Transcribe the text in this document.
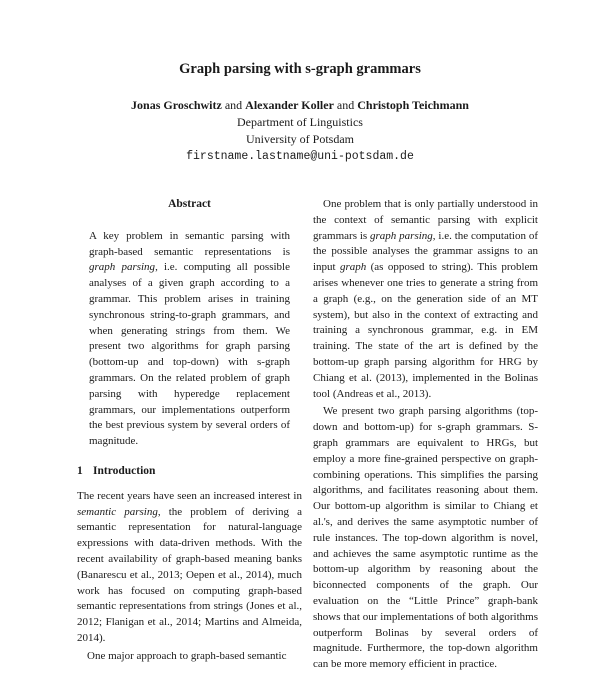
Graph parsing with s-graph grammars
Jonas Groschwitz and Alexander Koller and Christoph Teichmann
Department of Linguistics
University of Potsdam
firstname.lastname@uni-potsdam.de
Abstract

A key problem in semantic parsing with graph-based semantic representations is graph parsing, i.e. computing all possible analyses of a given graph according to a grammar. This problem arises in training synchronous string-to-graph grammars, and when generating strings from them. We present two algorithms for graph parsing (bottom-up and top-down) with s-graph grammars. On the related problem of graph parsing with hyperedge replacement grammars, our implementations outperform the best previous system by several orders of magnitude.

1 Introduction

The recent years have seen an increased interest in semantic parsing, the problem of deriving a semantic representation for natural-language expressions with data-driven methods. With the recent availability of graph-based meaning banks (Banarescu et al., 2013; Oepen et al., 2014), much work has focused on computing graph-based semantic representations from strings (Jones et al., 2012; Flanigan et al., 2014; Martins and Almeida, 2014).

One major approach to graph-based semantic

One problem that is only partially understood in the context of semantic parsing with explicit grammars is graph parsing, i.e. the computation of the possible analyses the grammar assigns to an input graph (as opposed to string). This problem arises whenever one tries to generate a string from a graph (e.g., on the generation side of an MT system), but also in the context of extracting and training a synchronous grammar, e.g. in EM training. The state of the art is defined by the bottom-up graph parsing algorithm for HRG by Chiang et al. (2013), implemented in the Bolinas tool (Andreas et al., 2013).

We present two graph parsing algorithms (top-down and bottom-up) for s-graph grammars. S-graph grammars are equivalent to HRGs, but employ a more fine-grained perspective on graph-combining operations. This simplifies the parsing algorithms, and facilitates reasoning about them. Our bottom-up algorithm is similar to Chiang et al.'s, and derives the same asymptotic number of rule instances. The top-down algorithm is novel, and achieves the same asymptotic runtime as the bottom-up algorithm by reasoning about the biconnected components of the graph. Our evaluation on the “Little Prince” graph-bank shows that our implementations of both algorithms outperform Bolinas by several orders of magnitude. Furthermore, the top-down algorithm can be more memory efficient in practice.
